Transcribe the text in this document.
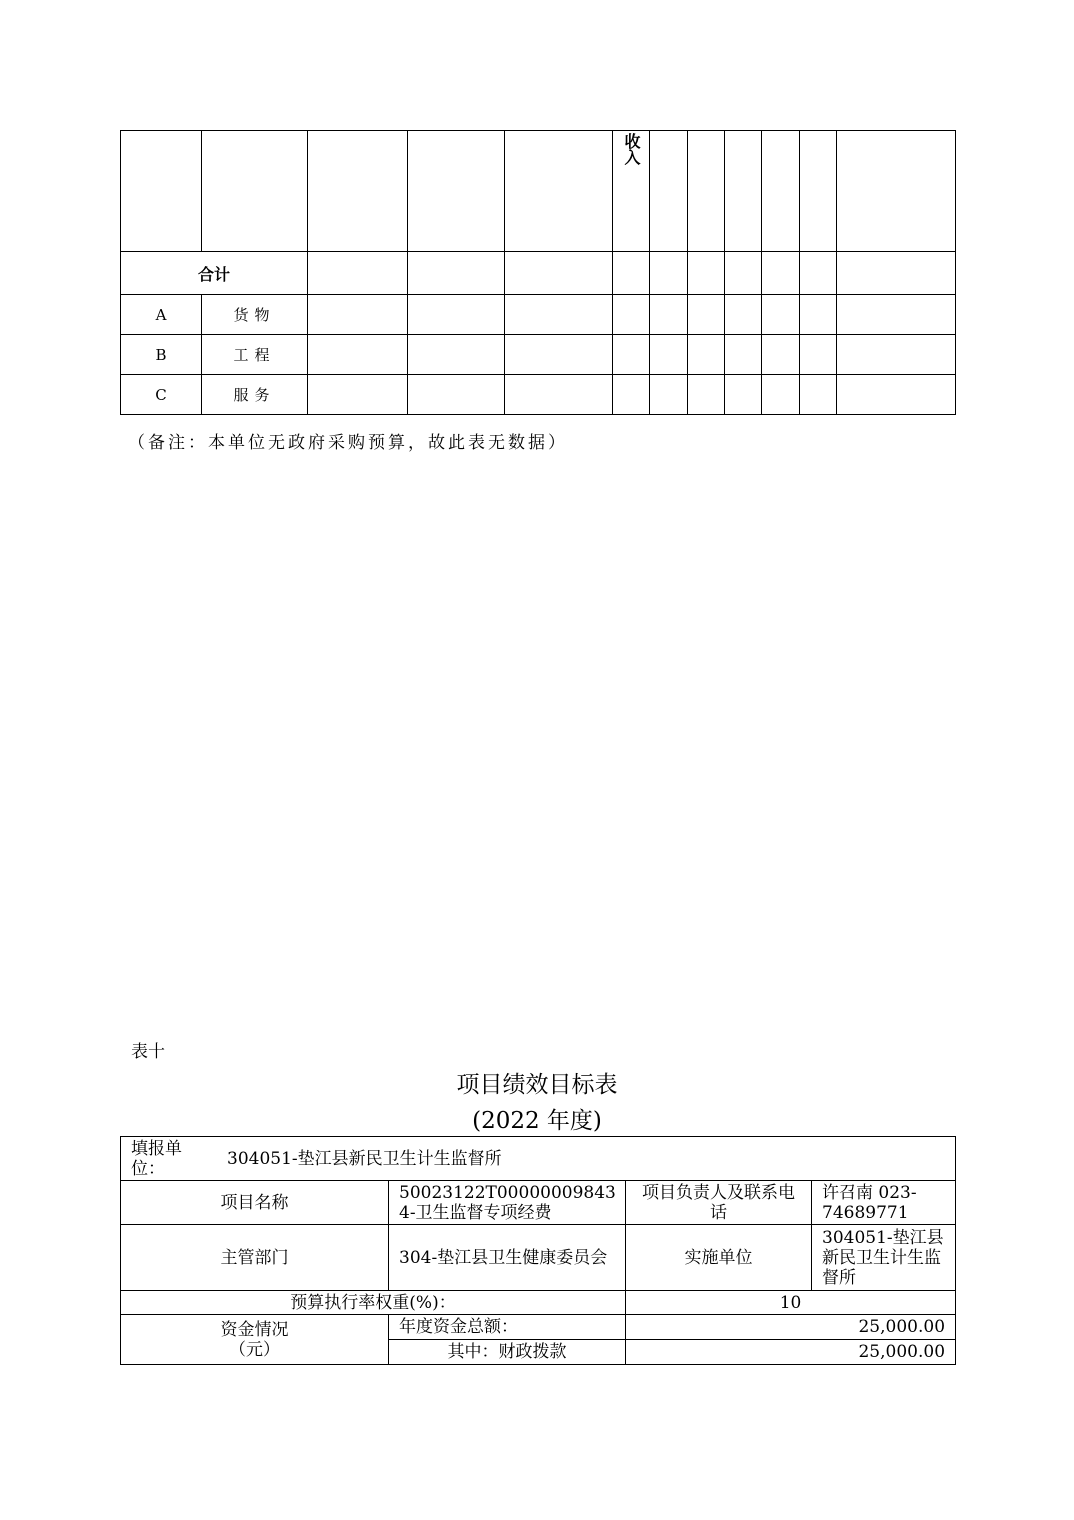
					收入						
合计											
A	货物										
B	工程										
C	服务										
（备注：本单位无政府采购预算，故此表无数据）
表十
项目绩效目标表
(2022 年度)
填报单位： 304051-垫江县新民卫生计生监督所			
项目名称	50023122T000000098434-卫生监督专项经费	项目负责人及联系电话	许召南 023-74689771
主管部门	304-垫江县卫生健康委员会	实施单位	304051-垫江县新民卫生计生监督所
预算执行率权重(%)：		10	
资金情况（元）	年度资金总额：	25,000.00	
	其中：财政拨款	25,000.00	
